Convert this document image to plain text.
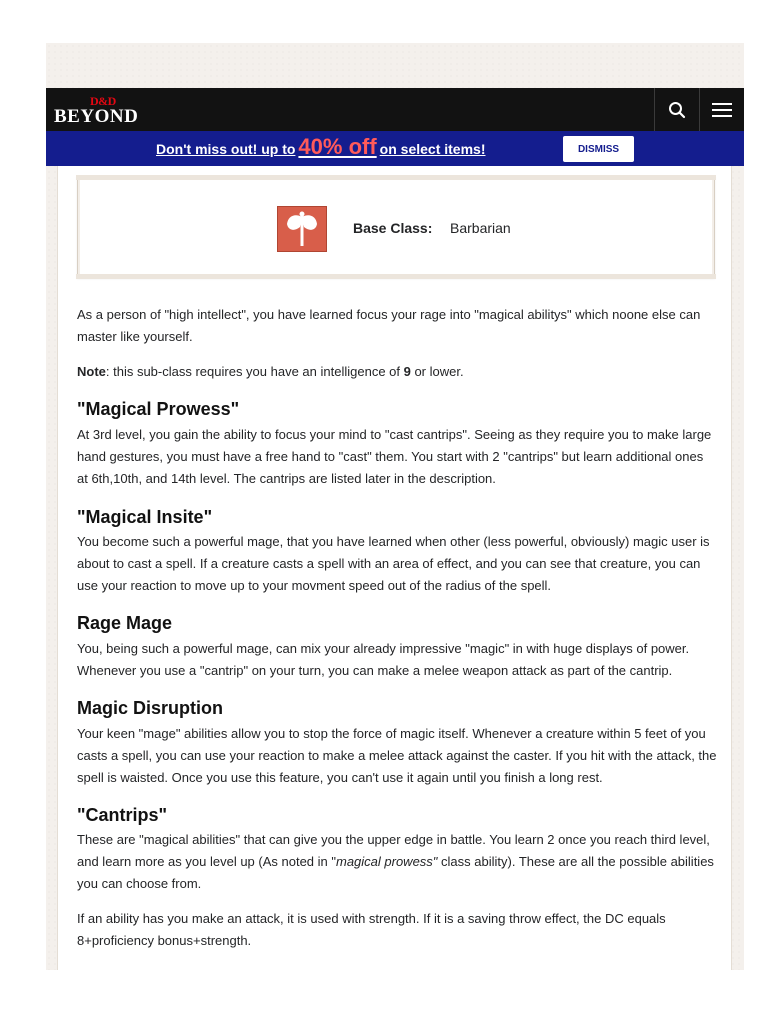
D&D
BEYOND
Don't miss out! up to 40% off on select items!	DISMISS
Base Class: Barbarian

As a person of "high intellect", you have learned focus your rage into "magical abilitys" which noone else can master like yourself.

Note: this sub-class requires you have an intelligence of 9 or lower.

"Magical Prowess"

At 3rd level, you gain the ability to focus your mind to "cast cantrips". Seeing as they require you to make large hand gestures, you must have a free hand to "cast" them. You start with 2 "cantrips" but learn additional ones at 6th,10th, and 14th level. The cantrips are listed later in the description.

"Magical Insite"

You become such a powerful mage, that you have learned when other (less powerful, obviously) magic user is about to cast a spell. If a creature casts a spell with an area of effect, and you can see that creature, you can use your reaction to move up to your movment speed out of the radius of the spell.

Rage Mage

You, being such a powerful mage, can mix your already impressive "magic" in with huge displays of power. Whenever you use a "cantrip" on your turn, you can make a melee weapon attack as part of the cantrip.

Magic Disruption

Your keen "mage" abilities allow you to stop the force of magic itself. Whenever a creature within 5 feet of you casts a spell, you can use your reaction to make a melee attack against the caster. If you hit with the attack, the spell is waisted. Once you use this feature, you can't use it again until you finish a long rest.

"Cantrips"

These are "magical abilities" that can give you the upper edge in battle. You learn 2 once you reach third level, and learn more as you level up (As noted in "magical prowess" class ability). These are all the possible abilities you can choose from.

If an ability has you make an attack, it is used with strength. If it is a saving throw effect, the DC equals 8+proficiency bonus+strength.
